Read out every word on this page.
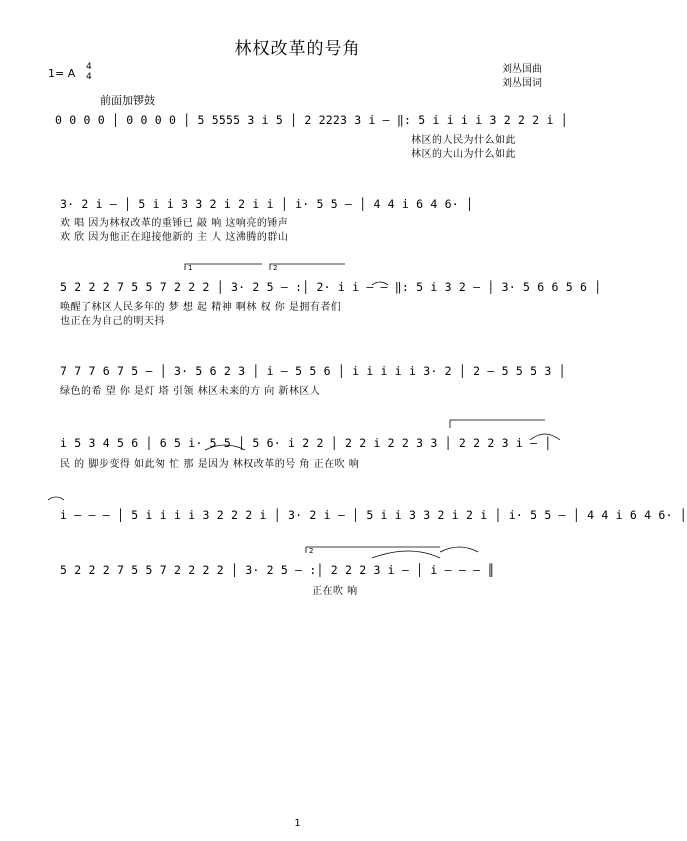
林权改革的号角
刘丛国曲
刘丛国词
1= A 4
4
前面加锣鼓
0 0 0 0 │ 0 0 0 0 │ 5 5555 3 i 5 │ 2 2223 3 i – ‖: 5 i i i i 3 2 2 2 i │
林区的人民为什么如此
林区的大山为什么如此
3· 2 i – │ 5 i i 3 3 2 i 2 i i │ i· 5 5 – │ 4 4 i 6 4 6· │
欢 唱 因为林权改革的重锤已 敲 响 这响亮的锤声
欢 欣 因为他正在迎接他新的 主 人 这沸腾的群山
5 2 2 2 7 5 5 7 2 2 2 │ 3· 2 5 – :│ 2· i i – – ‖: 5 i 3 2 – │ 3· 5 6 6 5 6 │
唤醒了林区人民多年的 梦 想 起 精神 啊林 权 你 是拥有者们
也正在为自己的明天抖
7 7 7 6 7 5 – │ 3· 5 6 2 3 │ i – 5 5 6 │ i i i i i 3· 2 │ 2 – 5 5 5 3 │
绿色的希 望 你 是灯 塔 引领 林区未来的方 向 新林区人
i 5 3 4 5 6 │ 6 5 i· 5 5 │ 5 6· i 2 2 │ 2 2 i 2 2 3 3 │ 2 2 2 3 i – │
民 的 脚步变得 如此匆 忙 那 是因为 林权改革的号 角 正在吹 响
i – – – │ 5 i i i i 3 2 2 2 i │ 3· 2 i – │ 5 i i 3 3 2 i 2 i │ i· 5 5 – │ 4 4 i 6 4 6· │
5 2 2 2 7 5 5 7 2 2 2 2 │ 3· 2 5 – :│ 2 2 2 3 i – │ i – – – ║
正在吹 响
1	2
2
1
